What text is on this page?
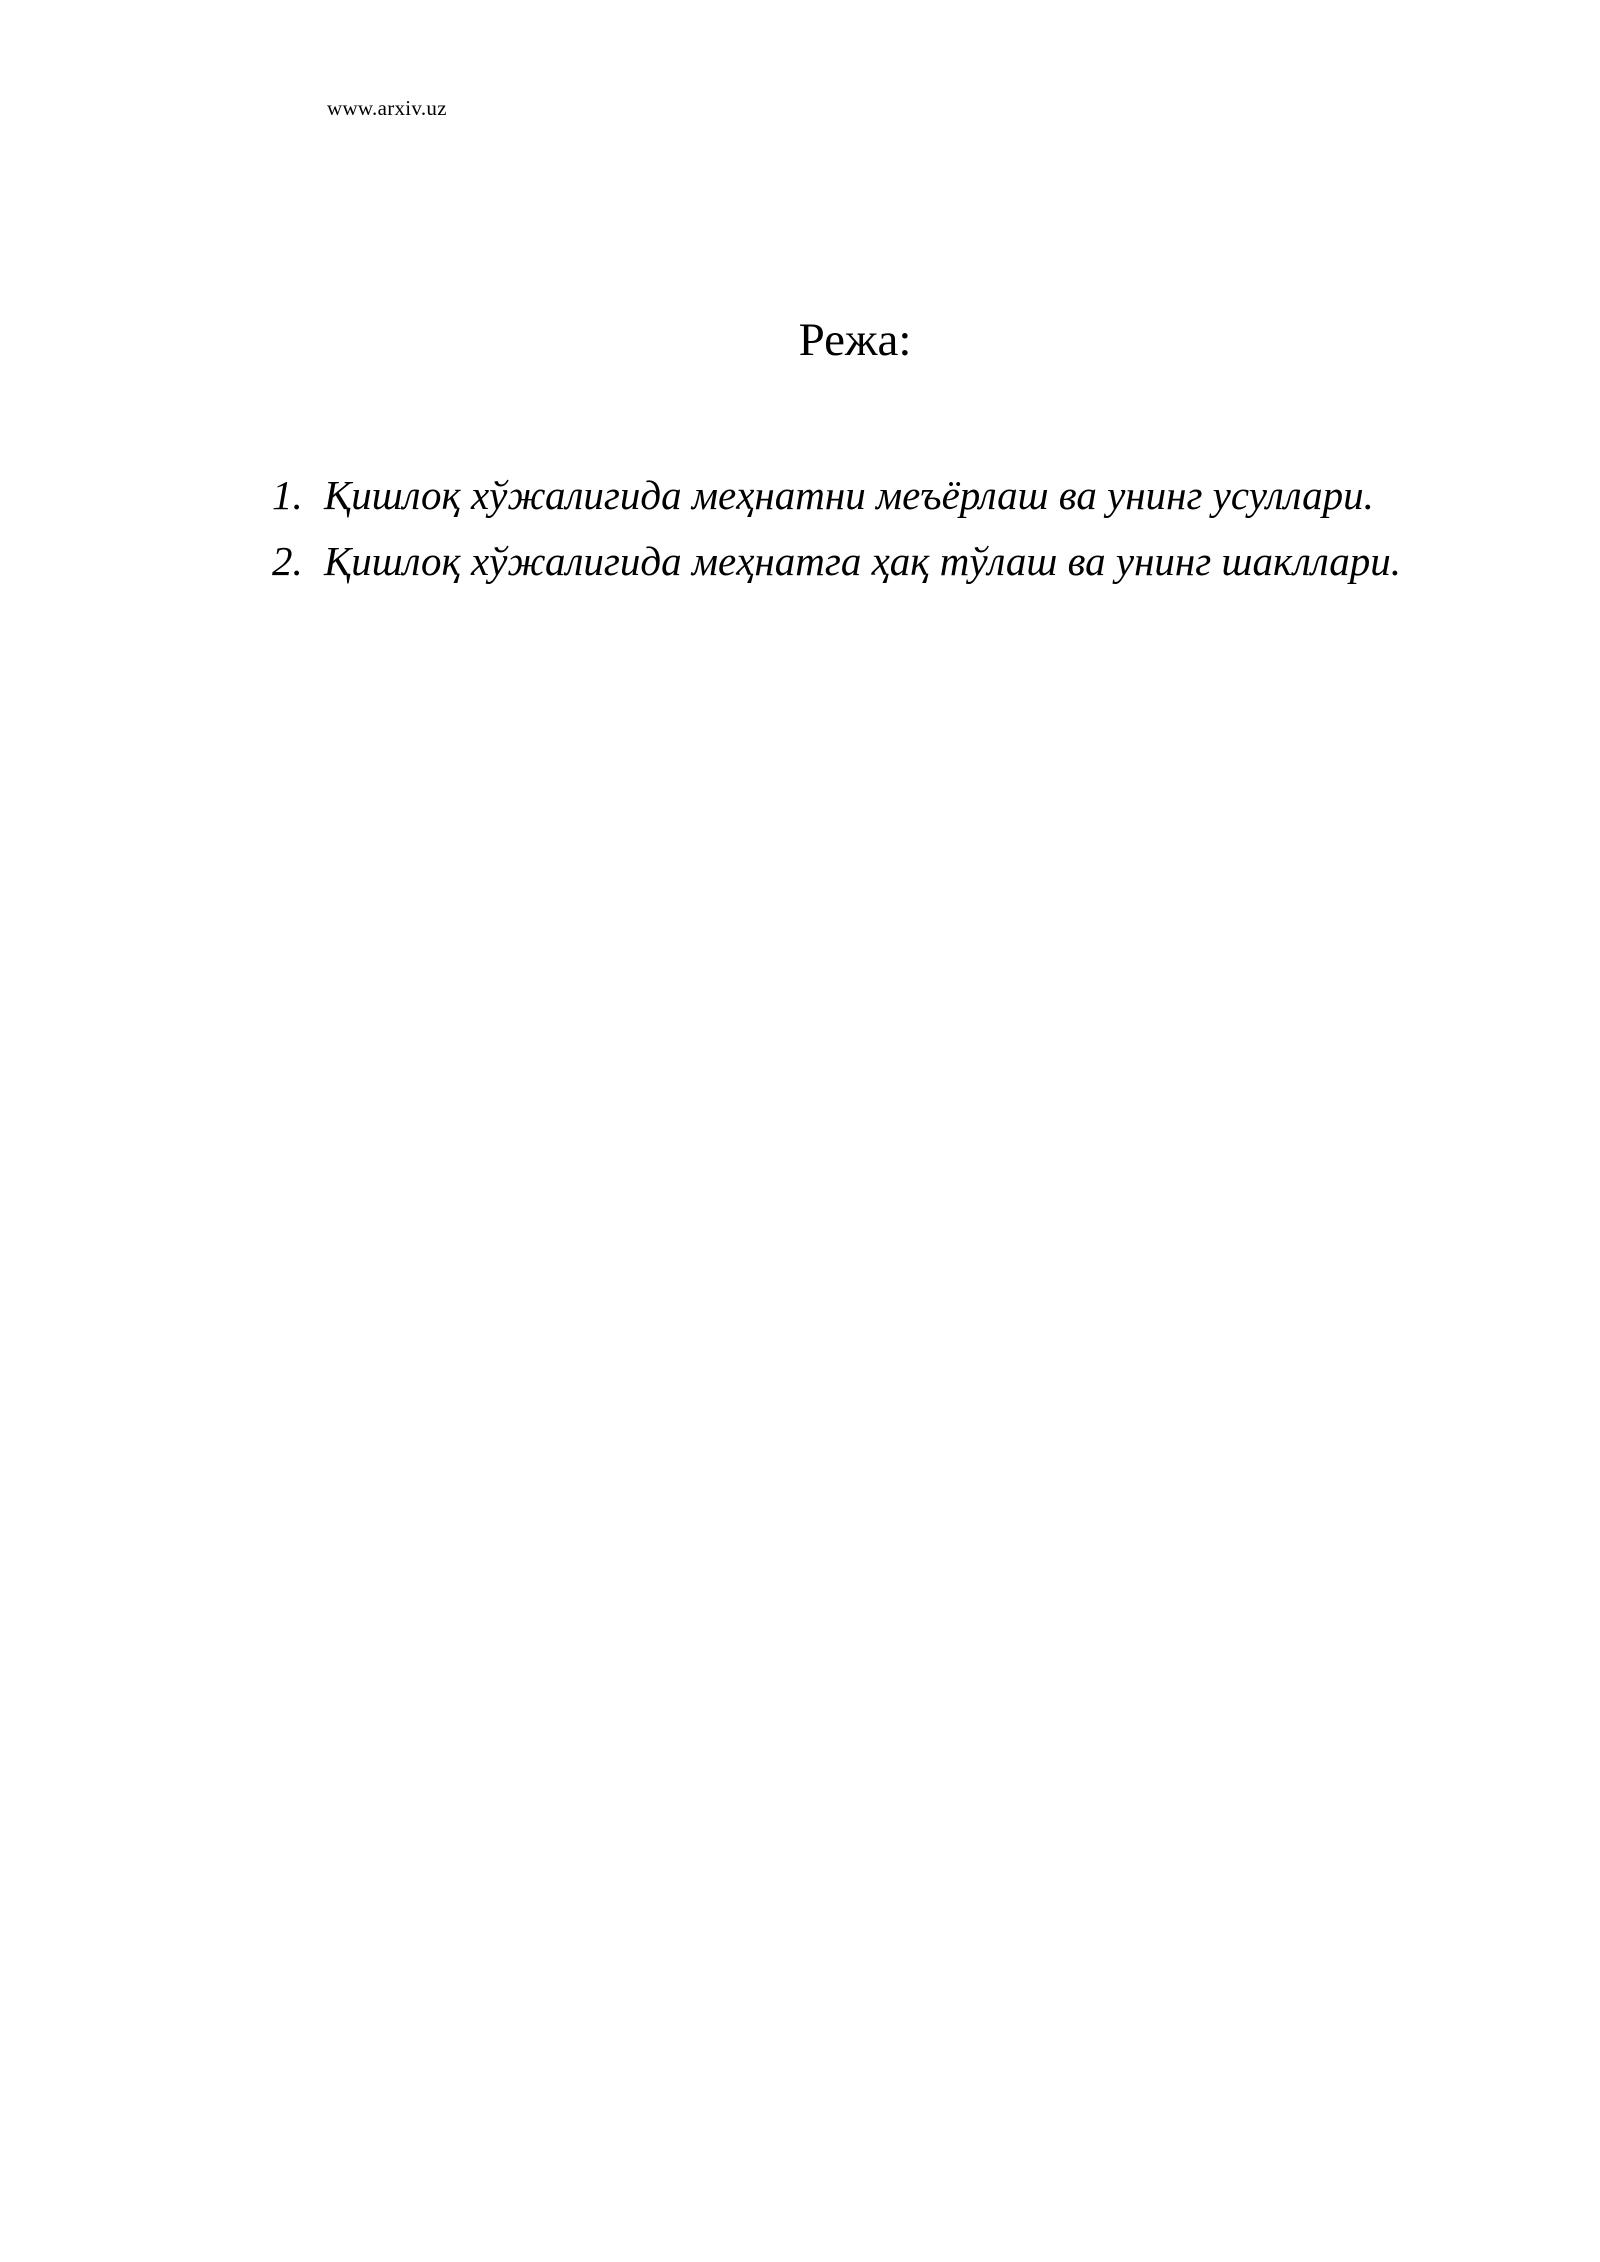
www.arxiv.uz
Режа:
1. Қишлоқ хўжалигида меҳнатни меъёрлаш ва унинг усуллари.
2. Қишлоқ хўжалигида меҳнатга ҳақ тўлаш ва унинг шакллари.
